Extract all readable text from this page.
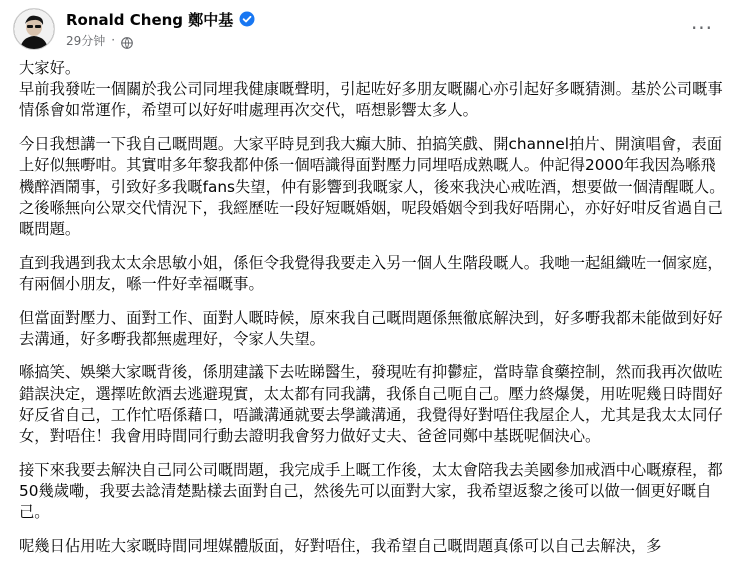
Ronald Cheng 鄭中基
29分钟 ·	···

大家好。
早前我發咗一個關於我公司同埋我健康嘅聲明，引起咗好多朋友嘅關心亦引起好多嘅猜測。基於公司嘅事情係會如常運作，希望可以好好咁處理再次交代，唔想影響太多人。

今日我想講一下我自己嘅問題。大家平時見到我大癲大肺、拍搞笑戲、開channel拍片、開演唱會，表面上好似無嘢咁。其實咁多年黎我都仲係一個唔識得面對壓力同埋唔成熟嘅人。仲記得2000年我因為喺飛機醉酒鬧事，引致好多我嘅fans失望，仲有影響到我嘅家人，後來我決心戒咗酒，想要做一個清醒嘅人。之後喺無向公眾交代情況下，我經歷咗一段好短嘅婚姻，呢段婚姻令到我好唔開心，亦好好咁反省過自己嘅問題。

直到我遇到我太太余思敏小姐，係佢令我覺得我要走入另一個人生階段嘅人。我哋一起組織咗一個家庭，有兩個小朋友，喺一件好幸福嘅事。

但當面對壓力、面對工作、面對人嘅時候，原來我自己嘅問題係無徹底解決到，好多嘢我都未能做到好好去溝通，好多嘢我都無處理好，令家人失望。

喺搞笑、娛樂大家嘅背後，係朋建議下去咗睇醫生，發現咗有抑鬱症，當時靠食藥控制，然而我再次做咗錯誤決定，選擇咗飲酒去逃避現實，太太都有同我講，我係自己呃自己。壓力終爆煲，用咗呢幾日時間好好反省自己，工作忙唔係藉口，唔識溝通就要去學識溝通，我覺得好對唔住我屋企人，尤其是我太太同仔女，對唔住！我會用時間同行動去證明我會努力做好丈夫、爸爸同鄭中基既呢個決心。

接下來我要去解決自己同公司嘅問題，我完成手上嘅工作後，太太會陪我去美國參加戒酒中心嘅療程，都50幾歲嘞，我要去諗清楚點樣去面對自己，然後先可以面對大家，我希望返黎之後可以做一個更好嘅自己。

呢幾日佔用咗大家嘅時間同埋媒體版面，好對唔住，我希望自己嘅問題真係可以自己去解決，多
